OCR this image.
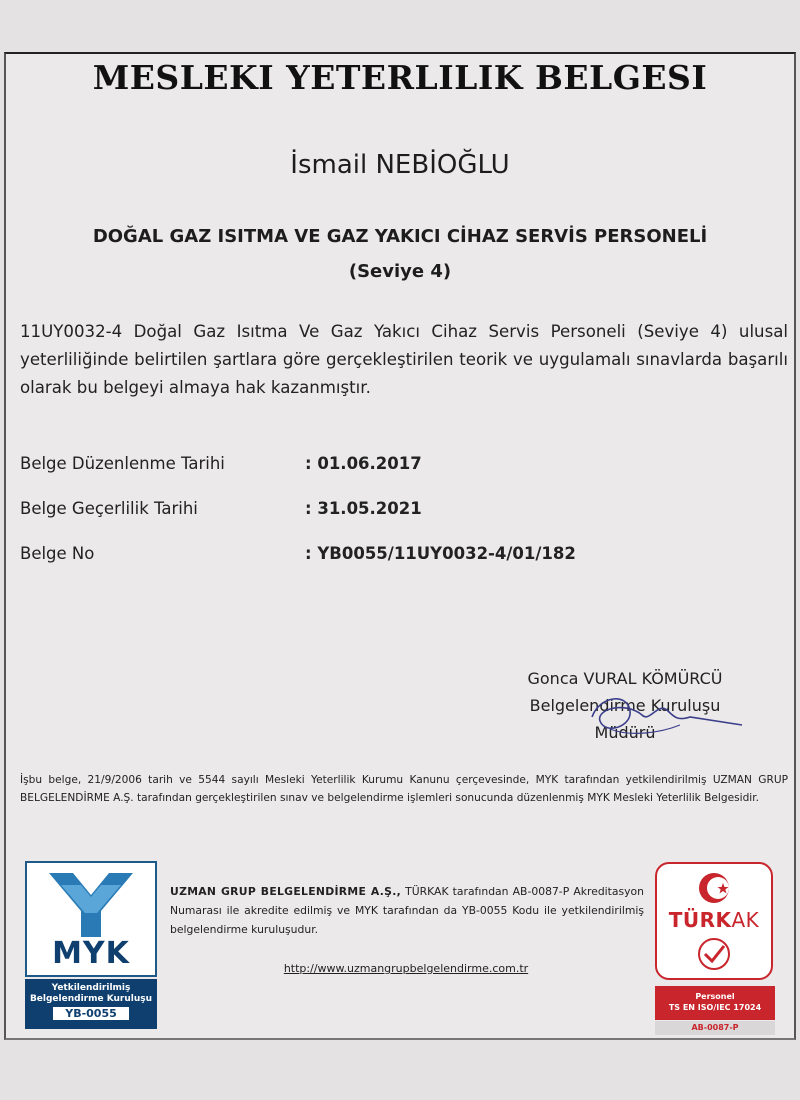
MESLEKI YETERLILIK BELGESI
İsmail NEBİOĞLU
DOĞAL GAZ ISITMA VE GAZ YAKICI CİHAZ SERVİS PERSONELİ
(Seviye 4)
11UY0032-4 Doğal Gaz Isıtma Ve Gaz Yakıcı Cihaz Servis Personeli (Seviye 4) ulusal yeterliliğinde belirtilen şartlara göre gerçekleştirilen teorik ve uygulamalı sınavlarda başarılı olarak bu belgeyi almaya hak kazanmıştır.
Belge Düzenlenme Tarihi	: 01.06.2017
Belge Geçerlilik Tarihi	: 31.05.2021
Belge No	: YB0055/11UY0032-4/01/182
Gonca VURAL KÖMÜRCÜ
Belgelendirme Kuruluşu
Müdürü
İşbu belge, 21/9/2006 tarih ve 5544 sayılı Mesleki Yeterlilik Kurumu Kanunu çerçevesinde, MYK tarafından yetkilendirilmiş UZMAN GRUP BELGELENDİRME A.Ş. tarafından gerçekleştirilen sınav ve belgelendirme işlemleri sonucunda düzenlenmiş MYK Mesleki Yeterlilik Belgesidir.
MYK
Yetkilendirilmiş
Belgelendirme Kuruluşu
YB-0055
UZMAN GRUP BELGELENDİRME A.Ş., TÜRKAK tarafından AB-0087-P Akreditasyon Numarası ile akredite edilmiş ve MYK tarafından da YB-0055 Kodu ile yetkilendirilmiş belgelendirme kuruluşudur.
http://www.uzmangrupbelgelendirme.com.tr
TÜRKAK
Personel
TS EN ISO/IEC 17024
AB-0087-P
